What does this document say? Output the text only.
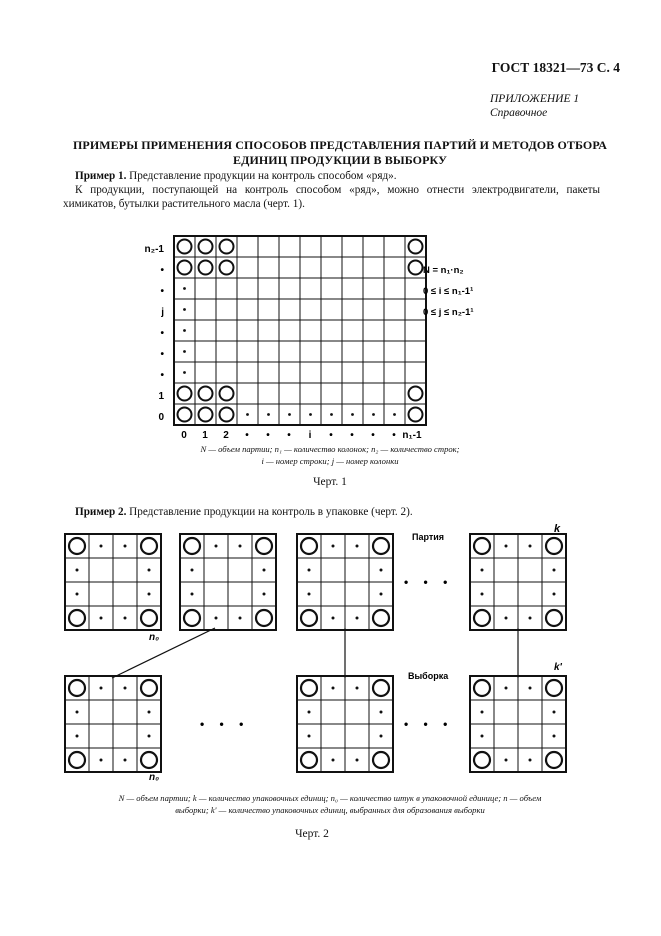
ГОСТ 18321—73 С. 4
ПРИЛОЖЕНИЕ 1
Справочное
ПРИМЕРЫ ПРИМЕНЕНИЯ СПОСОБОВ ПРЕДСТАВЛЕНИЯ ПАРТИЙ И МЕТОДОВ ОТБОРА
ЕДИНИЦ ПРОДУКЦИИ В ВЫБОРКУ
Пример 1. Представление продукции на контроль способом «ряд».
К продукции, поступающей на контроль способом «ряд», можно отнести электродвигатели, пакеты химикатов, бутылки растительного масла (черт. 1).
n₂-1
•
•
j
•
•
•
1
0
0 1 2 • • • i • • • • n₁-1
N = n₁·n₂
0 ≤ i ≤ n₁-1¹
0 ≤ j ≤ n₂-1¹
N — объем партии; n₁ — количество колонок; n₂ — количество строк;
i — номер строки; j — номер колонки
Черт. 1
Пример 2. Представление продукции на контроль в упаковке (черт. 2).
Партия
Выборка
k
k'
n₀
n₀
• • •
• • •	• • •
N — объем партии; k — количество упаковочных единиц; n₀ — количество штук в упаковочной единице; n — объем
выборки; k' — количество упаковочных единиц, выбранных для образования выборки
Черт. 2
